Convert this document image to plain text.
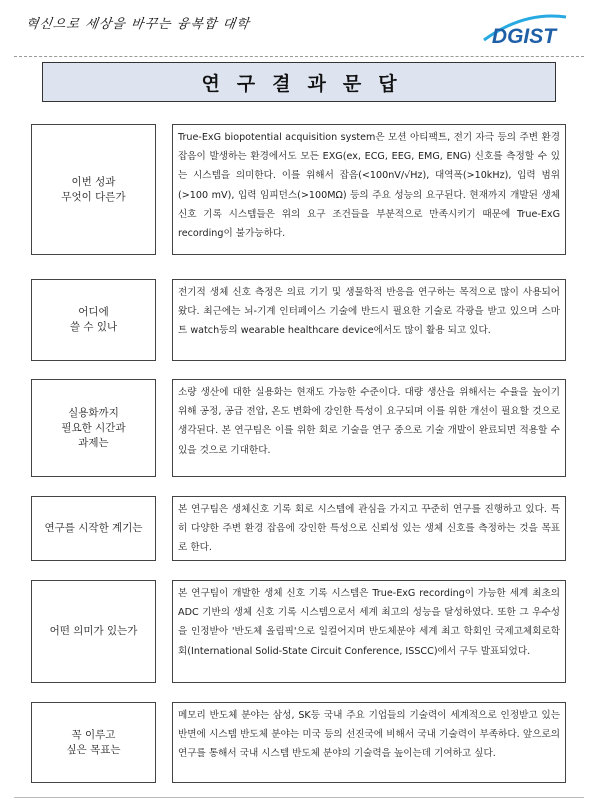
혁신으로 세상을 바꾸는 융복합 대학
DGIST
연구결과문답
이번 성과
무엇이 다른가
True-ExG biopotential acquisition system은 모션 아티팩트, 전기 자극 등의 주변 환경잡음이 발생하는 환경에서도 모든 EXG(ex, ECG, EEG, EMG, ENG) 신호를 측정할 수 있는 시스템을 의미한다. 이를 위해서 잡음(<100nV/√Hz), 대역폭(>10kHz), 입력 범위(>100 mV), 입력 임피던스(>100MΩ) 등의 주요 성능의 요구된다. 현재까지 개발된 생체 신호 기록 시스템들은 위의 요구 조건들을 부분적으로 만족시키기 때문에 True-ExG recording이 불가능하다.
어디에
쓸 수 있나
전기적 생체 신호 측정은 의료 기기 및 생물학적 반응을 연구하는 목적으로 많이 사용되어 왔다. 최근에는 뇌-기계 인터페이스 기술에 반드시 필요한 기술로 각광을 받고 있으며 스마트 watch등의 wearable healthcare device에서도 많이 활용 되고 있다.
실용화까지
필요한 시간과
과제는
소량 생산에 대한 실용화는 현재도 가능한 수준이다. 대량 생산을 위해서는 수율을 높이기 위해 공정, 공급 전압, 온도 변화에 강인한 특성이 요구되며 이를 위한 개선이 필요할 것으로 생각된다. 본 연구팀은 이를 위한 회로 기술을 연구 중으로 기술 개발이 완료되면 적용할 수 있을 것으로 기대한다.
연구를 시작한 계기는
본 연구팀은 생체신호 기록 회로 시스템에 관심을 가지고 꾸준히 연구를 진행하고 있다. 특히 다양한 주변 환경 잡음에 강인한 특성으로 신뢰성 있는 생체 신호를 측정하는 것을 목표로 한다.
어떤 의미가 있는가
본 연구팀이 개발한 생체 신호 기록 시스템은 True-ExG recording이 가능한 세계 최초의 ADC 기반의 생체 신호 기록 시스템으로서 세계 최고의 성능을 달성하였다. 또한 그 우수성을 인정받아 '반도체 올림픽'으로 일컬어지며 반도체분야 세계 최고 학회인 국제고체회로학회(International Solid-State Circuit Conference, ISSCC)에서 구두 발표되었다.
꼭 이루고
싶은 목표는
메모리 반도체 분야는 삼성, SK등 국내 주요 기업들의 기술력이 세계적으로 인정받고 있는 반면에 시스템 반도체 분야는 미국 등의 선진국에 비해서 국내 기술력이 부족하다. 앞으로의 연구를 통해서 국내 시스템 반도체 분야의 기술력을 높이는데 기여하고 싶다.
